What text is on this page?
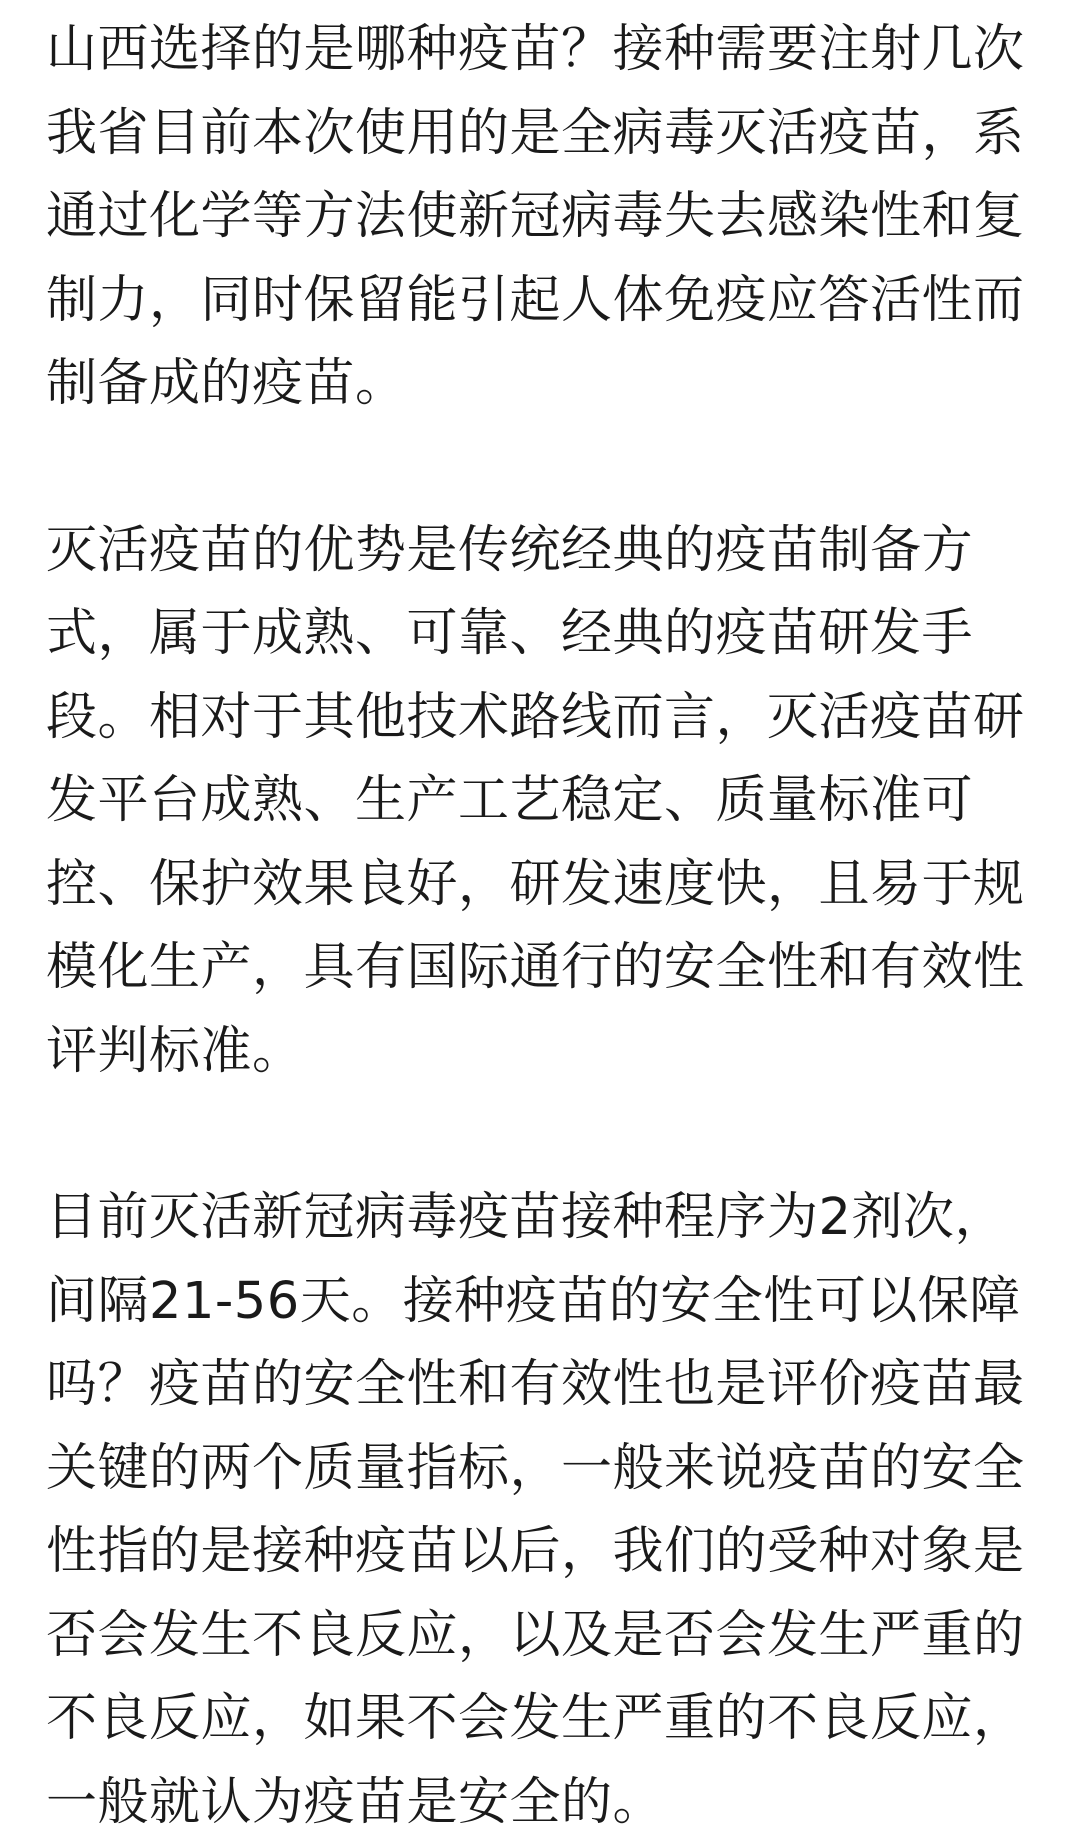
山西选择的是哪种疫苗？接种需要注射几次
我省目前本次使用的是全病毒灭活疫苗，系
通过化学等方法使新冠病毒失去感染性和复
制力，同时保留能引起人体免疫应答活性而
制备成的疫苗。

灭活疫苗的优势是传统经典的疫苗制备方
式，属于成熟、可靠、经典的疫苗研发手
段。相对于其他技术路线而言，灭活疫苗研
发平台成熟、生产工艺稳定、质量标准可
控、保护效果良好，研发速度快，且易于规
模化生产，具有国际通行的安全性和有效性
评判标准。

目前灭活新冠病毒疫苗接种程序为2剂次，
间隔21-56天。接种疫苗的安全性可以保障
吗？疫苗的安全性和有效性也是评价疫苗最
关键的两个质量指标，一般来说疫苗的安全
性指的是接种疫苗以后，我们的受种对象是
否会发生不良反应，以及是否会发生严重的
不良反应，如果不会发生严重的不良反应，
一般就认为疫苗是安全的。
